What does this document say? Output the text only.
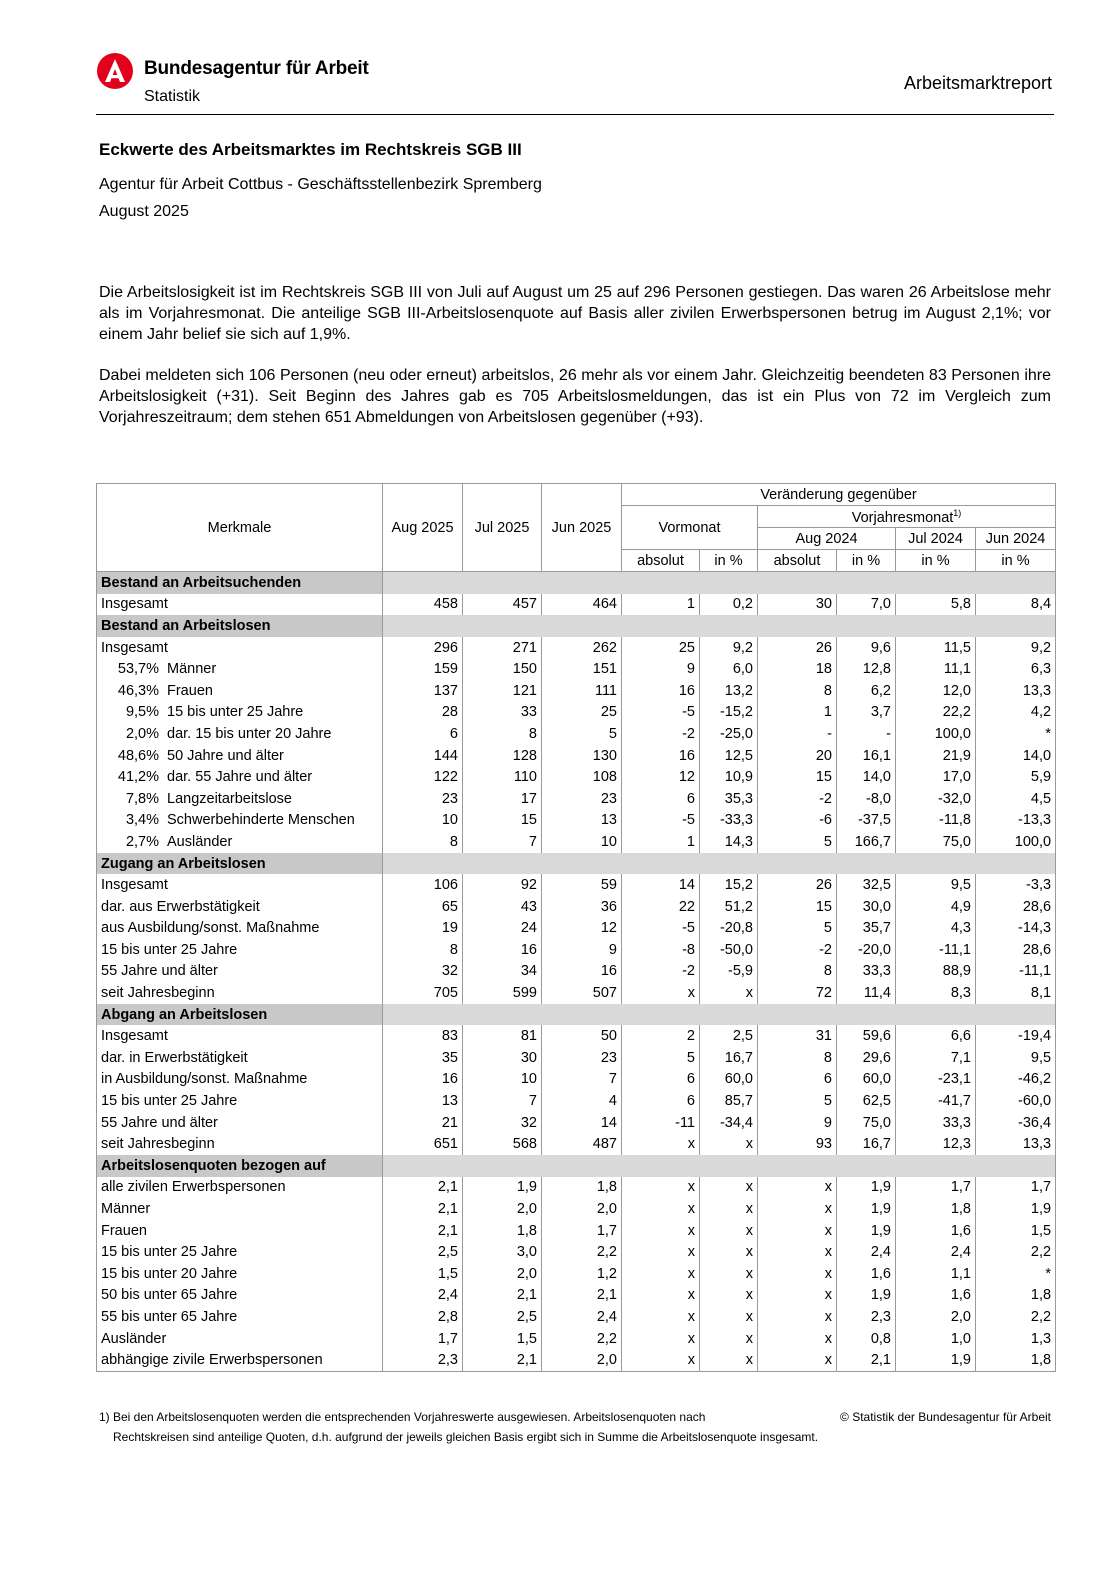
Bundesagentur für Arbeit
Statistik
Arbeitsmarktreport
Eckwerte des Arbeitsmarktes im Rechtskreis SGB III
Agentur für Arbeit Cottbus - Geschäftsstellenbezirk Spremberg
August 2025

Die Arbeitslosigkeit ist im Rechtskreis SGB III von Juli auf August um 25 auf 296 Personen gestiegen. Das waren 26 Arbeitslose mehr als im Vorjahresmonat. Die anteilige SGB III-Arbeitslosenquote auf Basis aller zivilen Erwerbspersonen betrug im August 2,1%; vor einem Jahr belief sie sich auf 1,9%.

Dabei meldeten sich 106 Personen (neu oder erneut) arbeitslos, 26 mehr als vor einem Jahr. Gleichzeitig beendeten 83 Personen ihre Arbeitslosigkeit (+31). Seit Beginn des Jahres gab es 705 Arbeitslosmeldungen, das ist ein Plus von 72 im Vergleich zum Vorjahreszeitraum; dem stehen 651 Abmeldungen von Arbeitslosen gegenüber (+93).

Merkmale	Aug 2025	Jul 2025	Jun 2025	Veränderung gegenüber					
				Vormonat		Vorjahresmonat$^{1)}$
						Aug 2024		Jul 2024	Jun 2024
				absolut	in %	absolut	in %	in %	in %
Bestand an Arbeitsuchenden									
Insgesamt	458	457	464	1	0,2	30	7,0	5,8	8,4
Bestand an Arbeitslosen									
Insgesamt	296	271	262	25	9,2	26	9,6	11,5	9,2
53,7% Männer	159	150	151	9	6,0	18	12,8	11,1	6,3
46,3% Frauen	137	121	111	16	13,2	8	6,2	12,0	13,3
9,5% 15 bis unter 25 Jahre	28	33	25	-5	-15,2	1	3,7	22,2	4,2
2,0% dar. 15 bis unter 20 Jahre	6	8	5	-2	-25,0	-	-	100,0	*
48,6% 50 Jahre und älter	144	128	130	16	12,5	20	16,1	21,9	14,0
41,2% dar. 55 Jahre und älter	122	110	108	12	10,9	15	14,0	17,0	5,9
7,8% Langzeitarbeitslose	23	17	23	6	35,3	-2	-8,0	-32,0	4,5
3,4% Schwerbehinderte Menschen	10	15	13	-5	-33,3	-6	-37,5	-11,8	-13,3
2,7% Ausländer	8	7	10	1	14,3	5	166,7	75,0	100,0
Zugang an Arbeitslosen									
Insgesamt	106	92	59	14	15,2	26	32,5	9,5	-3,3
dar. aus Erwerbstätigkeit	65	43	36	22	51,2	15	30,0	4,9	28,6
aus Ausbildung/sonst. Maßnahme	19	24	12	-5	-20,8	5	35,7	4,3	-14,3
15 bis unter 25 Jahre	8	16	9	-8	-50,0	-2	-20,0	-11,1	28,6
55 Jahre und älter	32	34	16	-2	-5,9	8	33,3	88,9	-11,1
seit Jahresbeginn	705	599	507	x	x	72	11,4	8,3	8,1
Abgang an Arbeitslosen									
Insgesamt	83	81	50	2	2,5	31	59,6	6,6	-19,4
dar. in Erwerbstätigkeit	35	30	23	5	16,7	8	29,6	7,1	9,5
in Ausbildung/sonst. Maßnahme	16	10	7	6	60,0	6	60,0	-23,1	-46,2
15 bis unter 25 Jahre	13	7	4	6	85,7	5	62,5	-41,7	-60,0
55 Jahre und älter	21	32	14	-11	-34,4	9	75,0	33,3	-36,4
seit Jahresbeginn	651	568	487	x	x	93	16,7	12,3	13,3
Arbeitslosenquoten bezogen auf									
alle zivilen Erwerbspersonen	2,1	1,9	1,8	x	x	x	1,9	1,7	1,7
Männer	2,1	2,0	2,0	x	x	x	1,9	1,8	1,9
Frauen	2,1	1,8	1,7	x	x	x	1,9	1,6	1,5
15 bis unter 25 Jahre	2,5	3,0	2,2	x	x	x	2,4	2,4	2,2
15 bis unter 20 Jahre	1,5	2,0	1,2	x	x	x	1,6	1,1	*
50 bis unter 65 Jahre	2,4	2,1	2,1	x	x	x	1,9	1,6	1,8
55 bis unter 65 Jahre	2,8	2,5	2,4	x	x	x	2,3	2,0	2,2
Ausländer	1,7	1,5	2,2	x	x	x	0,8	1,0	1,3
abhängige zivile Erwerbspersonen	2,3	2,1	2,0	x	x	x	2,1	1,9	1,8
1) Bei den Arbeitslosenquoten werden die entsprechenden Vorjahreswerte ausgewiesen. Arbeitslosenquoten nach
Rechtskreisen sind anteilige Quoten, d.h. aufgrund der jeweils gleichen Basis ergibt sich in Summe die Arbeitslosenquote insgesamt.
© Statistik der Bundesagentur für Arbeit
